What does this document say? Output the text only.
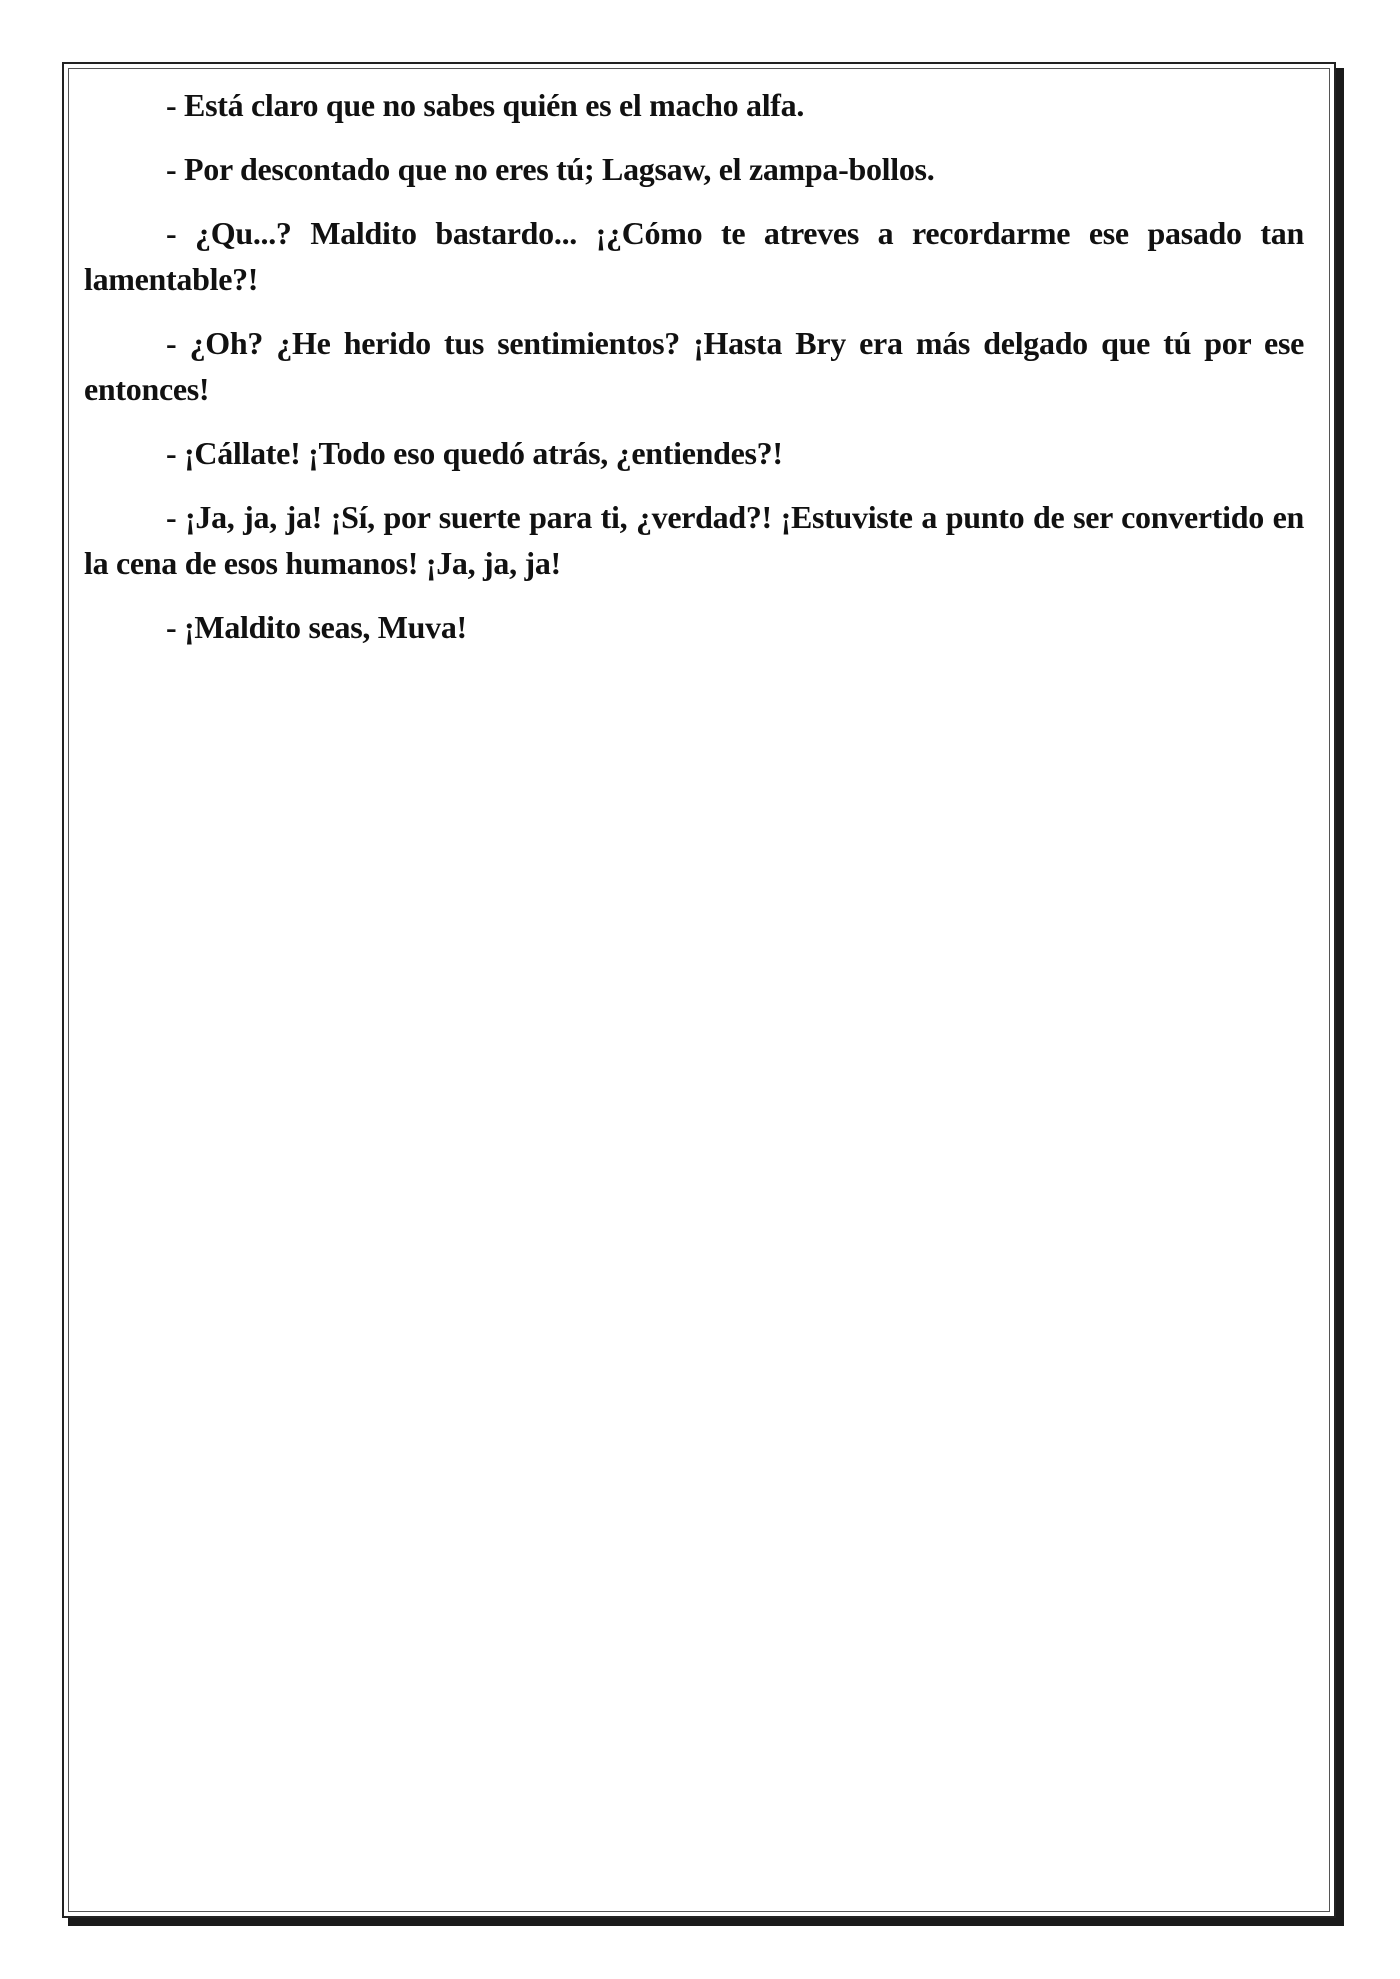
- Está claro que no sabes quién es el macho alfa.

- Por descontado que no eres tú; Lagsaw, el zampa-bollos.

- ¿Qu...? Maldito bastardo... ¡¿Cómo te atreves a recordarme ese pasado tan lamentable?!

- ¿Oh? ¿He herido tus sentimientos? ¡Hasta Bry era más delgado que tú por ese entonces!

- ¡Cállate! ¡Todo eso quedó atrás, ¿entiendes?!

- ¡Ja, ja, ja! ¡Sí, por suerte para ti, ¿verdad?! ¡Estuviste a punto de ser convertido en la cena de esos humanos! ¡Ja, ja, ja!

- ¡Maldito seas, Muva!
